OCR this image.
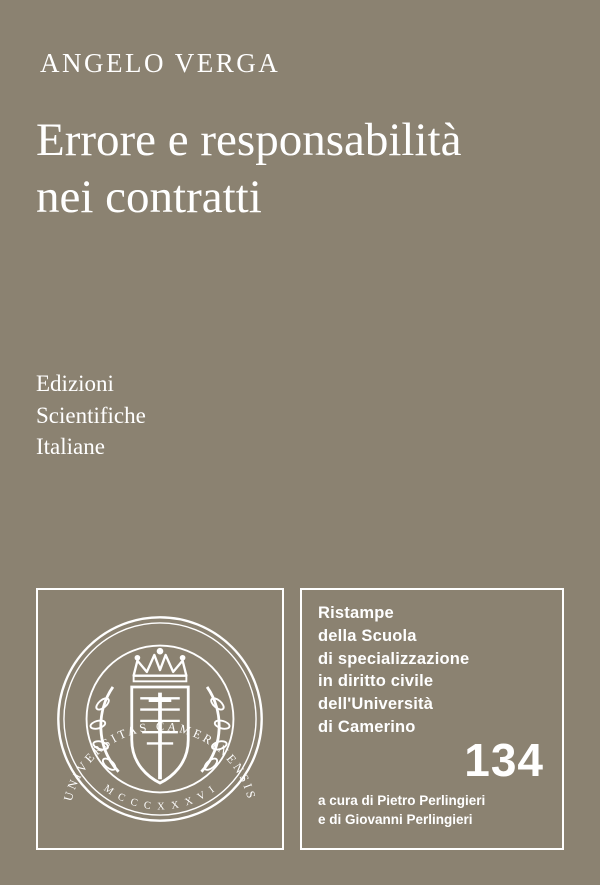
ANGELO VERGA
Errore e responsabilità
nei contratti
Edizioni
Scientifiche
Italiane
UNIVERSITAS CAMERINENSIS
M C C C X X X V I
Ristampe
della Scuola
di specializzazione
in diritto civile
dell'Università
di Camerino
134
a cura di Pietro Perlingieri
e di Giovanni Perlingieri
